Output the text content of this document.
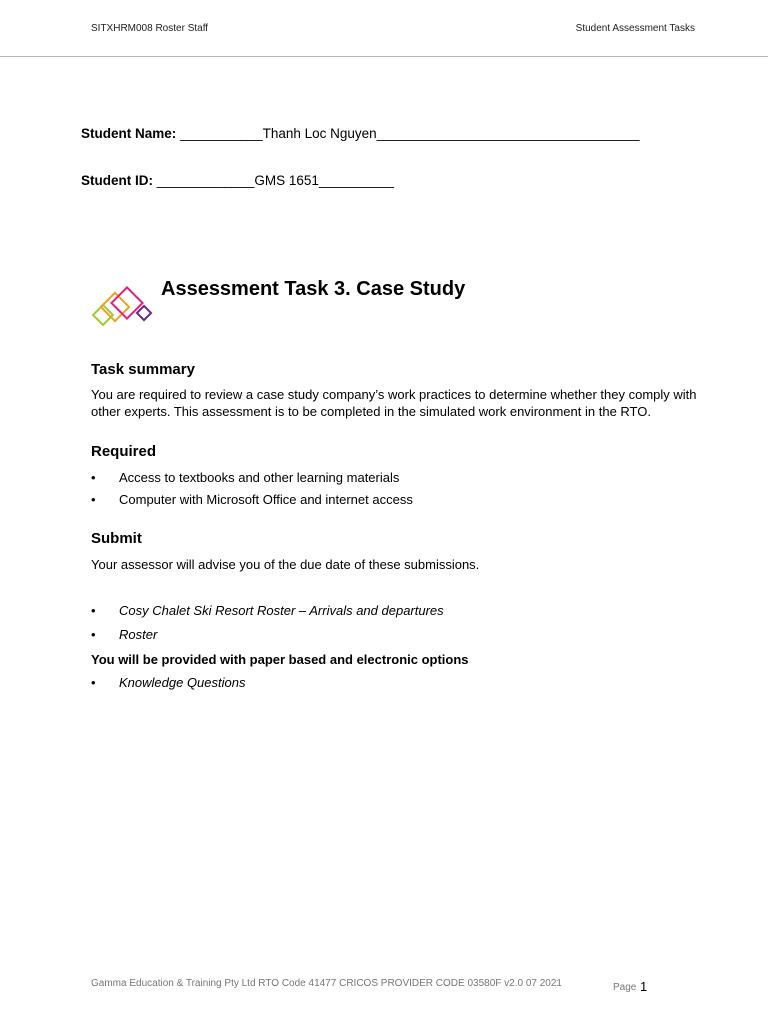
SITXHRM008 Roster Staff	Student Assessment Tasks
Student Name: ___________Thanh Loc Nguyen___________________________________
Student ID: _____________GMS 1651__________
Assessment Task 3. Case Study
Task summary
You are required to review a case study company’s work practices to determine whether they comply with other experts. This assessment is to be completed in the simulated work environment in the RTO.
Required
• Access to textbooks and other learning materials
• Computer with Microsoft Office and internet access
Submit
Your assessor will advise you of the due date of these submissions.
• Cosy Chalet Ski Resort Roster – Arrivals and departures
• Roster
You will be provided with paper based and electronic options
• Knowledge Questions
Gamma Education & Training Pty Ltd RTO Code 41477 CRICOS PROVIDER CODE 03580F v2.0 07 2021	Page 1
